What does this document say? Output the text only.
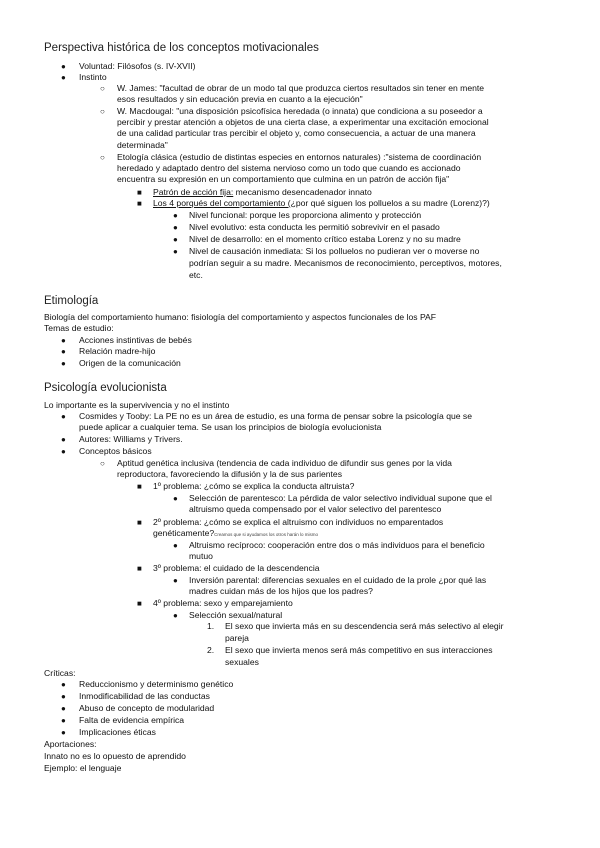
Perspectiva histórica de los conceptos motivacionales
● Voluntad: Filósofos (s. IV-XVII)
● Instinto
○ W. James: "facultad de obrar de un modo tal que produzca ciertos resultados sin tener en mente
esos resultados y sin educación previa en cuanto a la ejecución"
○ W. Macdougal: "una disposición psicofísica heredada (o innata) que condiciona a su poseedor a
percibir y prestar atención a objetos de una cierta clase, a experimentar una excitación emocional
de una calidad particular tras percibir el objeto y, como consecuencia, a actuar de una manera
determinada"
○ Etología clásica (estudio de distintas especies en entornos naturales) :"sistema de coordinación
heredado y adaptado dentro del sistema nervioso como un todo que cuando es accionado
encuentra su expresión en un comportamiento que culmina en un patrón de acción fija"
■ Patrón de acción fija: mecanismo desencadenador innato
■ Los 4 porqués del comportamiento (¿por qué siguen los polluelos a su madre (Lorenz)?)
● Nivel funcional: porque les proporciona alimento y protección
● Nivel evolutivo: esta conducta les permitió sobrevivir en el pasado
● Nivel de desarrollo: en el momento crítico estaba Lorenz y no su madre
● Nivel de causación inmediata: Si los polluelos no pudieran ver o moverse no
podrían seguir a su madre. Mecanismos de reconocimiento, perceptivos, motores,
etc.
Etimología
Biología del comportamiento humano: fisiología del comportamiento y aspectos funcionales de los PAF
Temas de estudio:
● Acciones instintivas de bebés
● Relación madre-hijo
● Origen de la comunicación
Psicología evolucionista
Lo importante es la supervivencia y no el instinto
● Cosmides y Tooby: La PE no es un área de estudio, es una forma de pensar sobre la psicología que se
puede aplicar a cualquier tema. Se usan los principios de biología evolucionista
● Autores: Williams y Trivers.
● Conceptos básicos
○ Aptitud genética inclusiva (tendencia de cada individuo de difundir sus genes por la vida
reproductora, favoreciendo la difusión y la de sus parientes
■ 1º problema: ¿cómo se explica la conducta altruista?
● Selección de parentesco: La pérdida de valor selectivo individual supone que el
altruismo queda compensado por el valor selectivo del parentesco
■ 2º problema: ¿cómo se explica el altruismo con individuos no emparentados
genéticamente?Creamos que si ayudamos los otros harán lo mismo
● Altruismo recíproco: cooperación entre dos o más individuos para el beneficio
mutuo
■ 3º problema: el cuidado de la descendencia
● Inversión parental: diferencias sexuales en el cuidado de la prole ¿por qué las
madres cuidan más de los hijos que los padres?
■ 4º problema: sexo y emparejamiento
● Selección sexual/natural
1. El sexo que invierta más en su descendencia será más selectivo al elegir
pareja
2. El sexo que invierta menos será más competitivo en sus interacciones
sexuales
Críticas:
● Reduccionismo y determinismo genético
● Inmodificabilidad de las conductas
● Abuso de concepto de modularidad
● Falta de evidencia empírica
● Implicaciones éticas
Aportaciones:
Innato no es lo opuesto de aprendido
Ejemplo: el lenguaje
